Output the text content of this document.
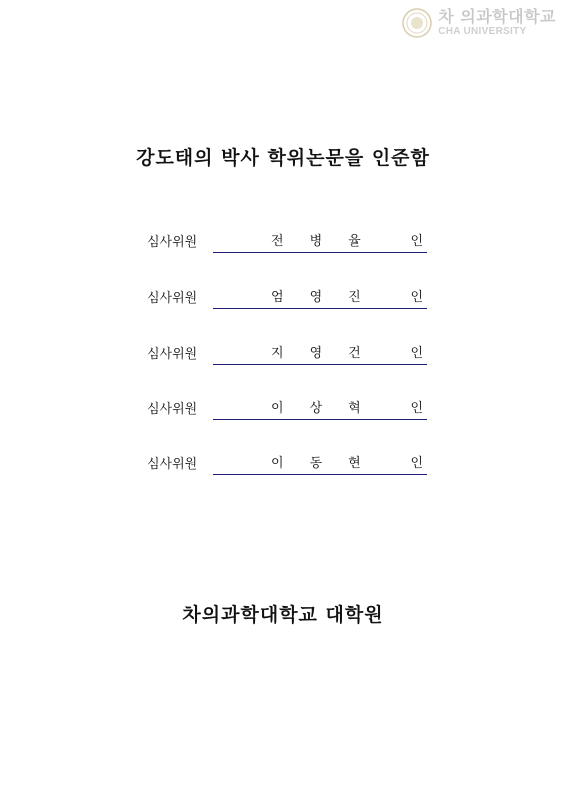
차 의과학대학교
CHA UNIVERSITY
강도태의 박사 학위논문을 인준함
심사위원	전 병 율	인
심사위원	엄 영 진	인
심사위원	지 영 건	인
심사위원	이 상 혁	인
심사위원	이 동 현	인
차의과학대학교 대학원
